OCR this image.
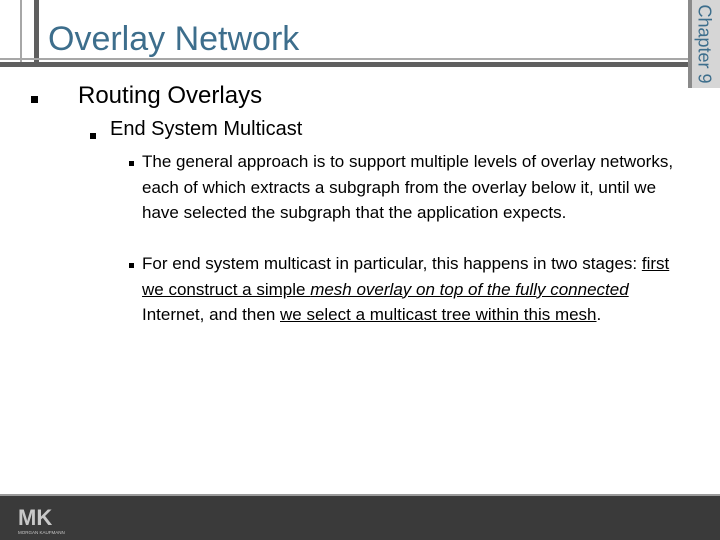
Overlay Network	Chapter 9
Routing Overlays
End System Multicast

The general approach is to support multiple levels of overlay networks, each of which extracts a subgraph from the overlay below it, until we have selected the subgraph that the application expects.

For end system multicast in particular, this happens in two stages: first we construct a simple mesh overlay on top of the fully connected Internet, and then we select a multicast tree within this mesh.

MK
MORGAN KAUFMANN
114
